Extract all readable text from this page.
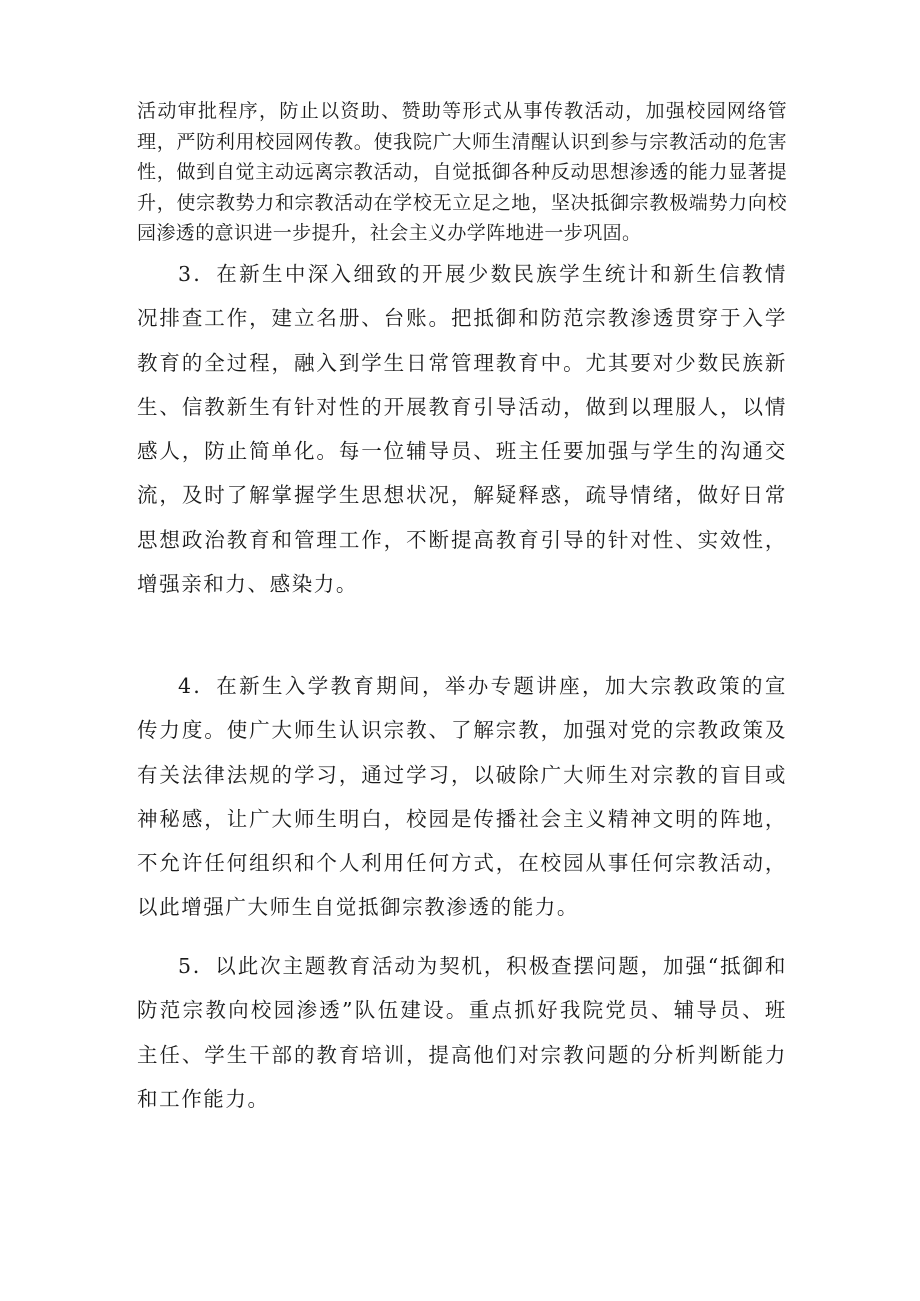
活动审批程序，防止以资助、赞助等形式从事传教活动，加强校园网络管理，严防利用校园网传教。使我院广大师生清醒认识到参与宗教活动的危害性，做到自觉主动远离宗教活动，自觉抵御各种反动思想渗透的能力显著提升，使宗教势力和宗教活动在学校无立足之地，坚决抵御宗教极端势力向校园渗透的意识进一步提升，社会主义办学阵地进一步巩固。

3．在新生中深入细致的开展少数民族学生统计和新生信教情况排查工作，建立名册、台账。把抵御和防范宗教渗透贯穿于入学教育的全过程，融入到学生日常管理教育中。尤其要对少数民族新生、信教新生有针对性的开展教育引导活动，做到以理服人，以情感人，防止简单化。每一位辅导员、班主任要加强与学生的沟通交流，及时了解掌握学生思想状况，解疑释惑，疏导情绪，做好日常思想政治教育和管理工作，不断提高教育引导的针对性、实效性，增强亲和力、感染力。

4．在新生入学教育期间，举办专题讲座，加大宗教政策的宣传力度。使广大师生认识宗教、了解宗教，加强对党的宗教政策及有关法律法规的学习，通过学习，以破除广大师生对宗教的盲目或神秘感，让广大师生明白，校园是传播社会主义精神文明的阵地，不允许任何组织和个人利用任何方式，在校园从事任何宗教活动，以此增强广大师生自觉抵御宗教渗透的能力。

5．以此次主题教育活动为契机，积极查摆问题，加强“抵御和防范宗教向校园渗透”队伍建设。重点抓好我院党员、辅导员、班主任、学生干部的教育培训，提高他们对宗教问题的分析判断能力和工作能力。
